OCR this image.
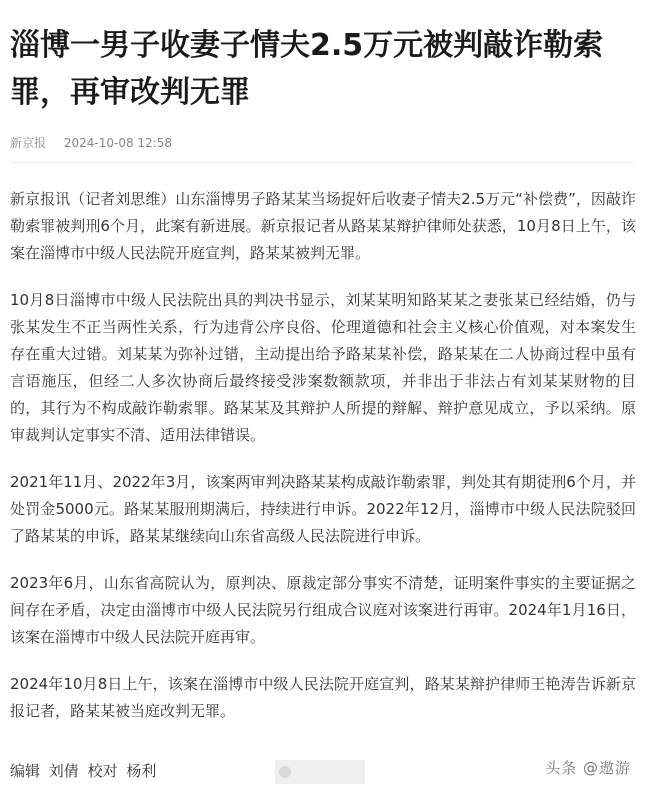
淄博一男子收妻子情夫2.5万元被判敲诈勒索罪，再审改判无罪
新京报 2024-10-08 12:58

新京报讯（记者刘思维）山东淄博男子路某某当场捉奸后收妻子情夫2.5万元“补偿费”，因敲诈勒索罪被判刑6个月，此案有新进展。新京报记者从路某某辩护律师处获悉，10月8日上午，该案在淄博市中级人民法院开庭宣判，路某某被判无罪。

10月8日淄博市中级人民法院出具的判决书显示，刘某某明知路某某之妻张某已经结婚，仍与张某发生不正当两性关系，行为违背公序良俗、伦理道德和社会主义核心价值观，对本案发生存在重大过错。刘某某为弥补过错，主动提出给予路某某补偿，路某某在二人协商过程中虽有言语施压，但经二人多次协商后最终接受涉案数额款项，并非出于非法占有刘某某财物的目的，其行为不构成敲诈勒索罪。路某某及其辩护人所提的辩解、辩护意见成立，予以采纳。原审裁判认定事实不清、适用法律错误。

2021年11月、2022年3月，该案两审判决路某某构成敲诈勒索罪，判处其有期徒刑6个月，并处罚金5000元。路某某服刑期满后，持续进行申诉。2022年12月，淄博市中级人民法院驳回了路某某的申诉，路某某继续向山东省高级人民法院进行申诉。

2023年6月，山东省高院认为，原判决、原裁定部分事实不清楚，证明案件事实的主要证据之间存在矛盾，决定由淄博市中级人民法院另行组成合议庭对该案进行再审。2024年1月16日，该案在淄博市中级人民法院开庭再审。

2024年10月8日上午，该案在淄博市中级人民法院开庭宣判，路某某辩护律师王艳涛告诉新京报记者，路某某被当庭改判无罪。

编辑 刘倩 校对 杨利	头条 @遨游
